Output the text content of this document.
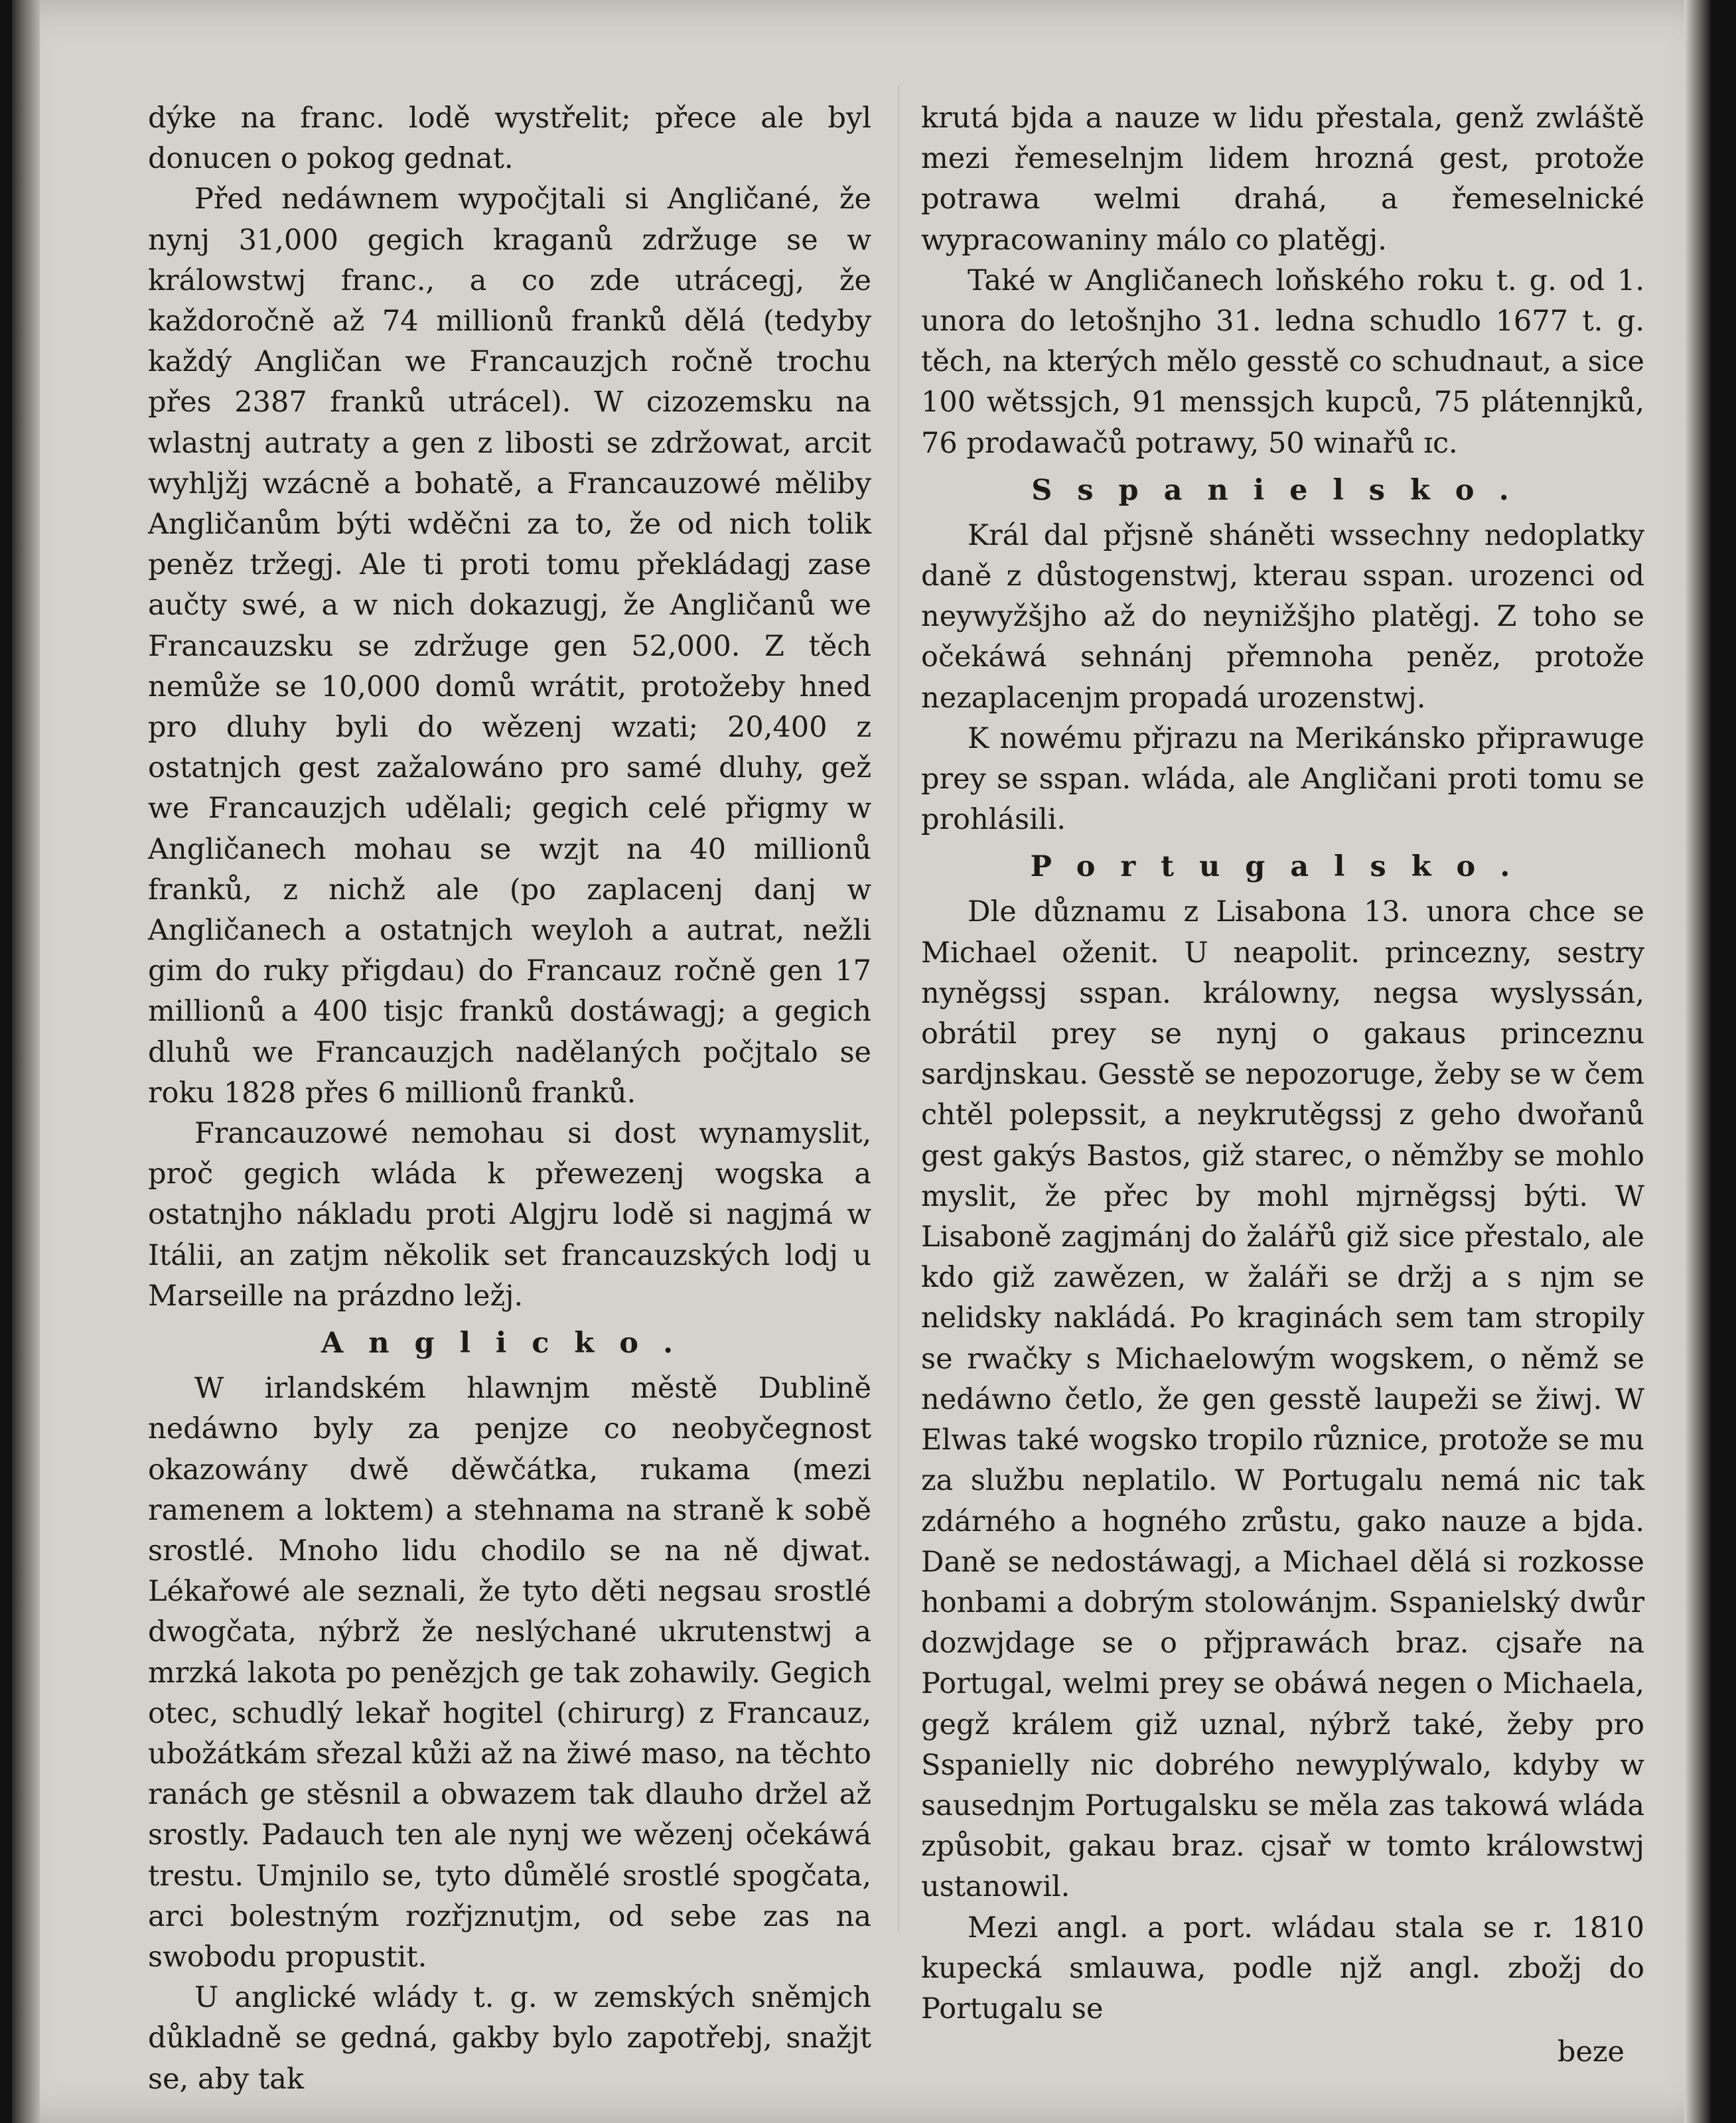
dýke na franc. lodě wystřelit; přece ale byl donucen o pokog gednat.

Před nedáwnem wypočjtali si Angličané, že nynj 31,000 gegich kraganů zdržuge se w králowstwj franc., a co zde utrácegj, že každoročně až 74 millionů franků dělá (tedyby každý Angličan we Francauzjch ročně trochu přes 2387 franků utrácel). W cizozemsku na wlastnj autraty a gen z libosti se zdržowat, arcit wyhljžj wzácně a bohatě, a Francauzowé měliby Angličanům býti wděčni za to, že od nich tolik peněz tržegj. Ale ti proti tomu překládagj zase aučty swé, a w nich dokazugj, že Angličanů we Francauzsku se zdržuge gen 52,000. Z těch nemůže se 10,000 domů wrátit, protožeby hned pro dluhy byli do wězenj wzati; 20,400 z ostatnjch gest zažalowáno pro samé dluhy, gež we Francauzjch udělali; gegich celé přigmy w Angličanech mohau se wzjt na 40 millionů franků, z nichž ale (po zaplacenj danj w Angličanech a ostatnjch weyloh a autrat, nežli gim do ruky přigdau) do Francauz ročně gen 17 millionů a 400 tisjc franků dostáwagj; a gegich dluhů we Francauzjch nadělaných počjtalo se roku 1828 přes 6 millionů franků.

Francauzowé nemohau si dost wynamyslit, proč gegich wláda k přewezenj wogska a ostatnjho nákladu proti Algjru lodě si nagjmá w Itálii, an zatjm několik set francauzských lodj u Marseille na prázdno ležj.

Anglicko.

W irlandském hlawnjm městě Dublině nedáwno byly za penjze co neobyčegnost okazowány dwě děwčátka, rukama (mezi ramenem a loktem) a stehnama na straně k sobě srostlé. Mnoho lidu chodilo se na ně djwat. Lékařowé ale seznali, že tyto děti negsau srostlé dwogčata, nýbrž že neslýchané ukrutenstwj a mrzká lakota po penězjch ge tak zohawily. Gegich otec, schudlý lekař hogitel (chirurg) z Francauz, ubožátkám sřezal kůži až na žiwé maso, na těchto ranách ge stěsnil a obwazem tak dlauho držel až srostly. Padauch ten ale nynj we wězenj očekáwá trestu. Umjnilo se, tyto důmělé srostlé spogčata, arci bolestným rozřjznutjm, od sebe zas na swobodu propustit.

U anglické wlády t. g. w zemských sněmjch důkladně se gedná, gakby bylo zapotřebj, snažjt se, aby tak

krutá bjda a nauze w lidu přestala, genž zwláště mezi řemeselnjm lidem hrozná gest, protože potrawa welmi drahá, a řemeselnické wypracowaniny málo co platěgj.

Také w Angličanech loňského roku t. g. od 1. unora do letošnjho 31. ledna schudlo 1677 t. g. těch, na kterých mělo gesstě co schudnaut, a sice 100 wětssjch, 91 menssjch kupců, 75 plátennjků, 76 prodawačů potrawy, 50 winařů ɪc.

Sspanielsko.

Král dal přjsně sháněti wssechny nedoplatky daně z důstogenstwj, kterau sspan. urozenci od neywyžšjho až do neynižšjho platěgj. Z toho se očekáwá sehnánj přemnoha peněz, protože nezaplacenjm propadá urozenstwj.

K nowému přjrazu na Merikánsko připrawuge prey se sspan. wláda, ale Angličani proti tomu se prohlásili.

Portugalsko.

Dle důznamu z Lisabona 13. unora chce se Michael oženit. U neapolit. princezny, sestry nyněgssj sspan. králowny, negsa wyslyssán, obrátil prey se nynj o gakaus princeznu sardjnskau. Gesstě se nepozoruge, žeby se w čem chtěl polepssit, a neykrutěgssj z geho dwořanů gest gakýs Bastos, giž starec, o němžby se mohlo myslit, že přec by mohl mjrněgssj býti. W Lisaboně zagjmánj do žalářů giž sice přestalo, ale kdo giž zawězen, w žaláři se držj a s njm se nelidsky nakládá. Po kraginách sem tam stropily se rwačky s Michaelowým wogskem, o němž se nedáwno četlo, že gen gesstě laupeži se žiwj. W Elwas také wogsko tropilo různice, protože se mu za službu neplatilo. W Portugalu nemá nic tak zdárného a hogného zrůstu, gako nauze a bjda. Daně se nedostáwagj, a Michael dělá si rozkosse honbami a dobrým stolowánjm. Sspanielský dwůr dozwjdage se o přjprawách braz. cjsaře na Portugal, welmi prey se obáwá negen o Michaela, gegž králem giž uznal, nýbrž také, žeby pro Sspanielly nic dobrého newyplýwalo, kdyby w sausednjm Portugalsku se měla zas takowá wláda způsobit, gakau braz. cjsař w tomto králowstwj ustanowil.

Mezi angl. a port. wládau stala se r. 1810 kupecká smlauwa, podle njž angl. zbožj do Portugalu se

beze
